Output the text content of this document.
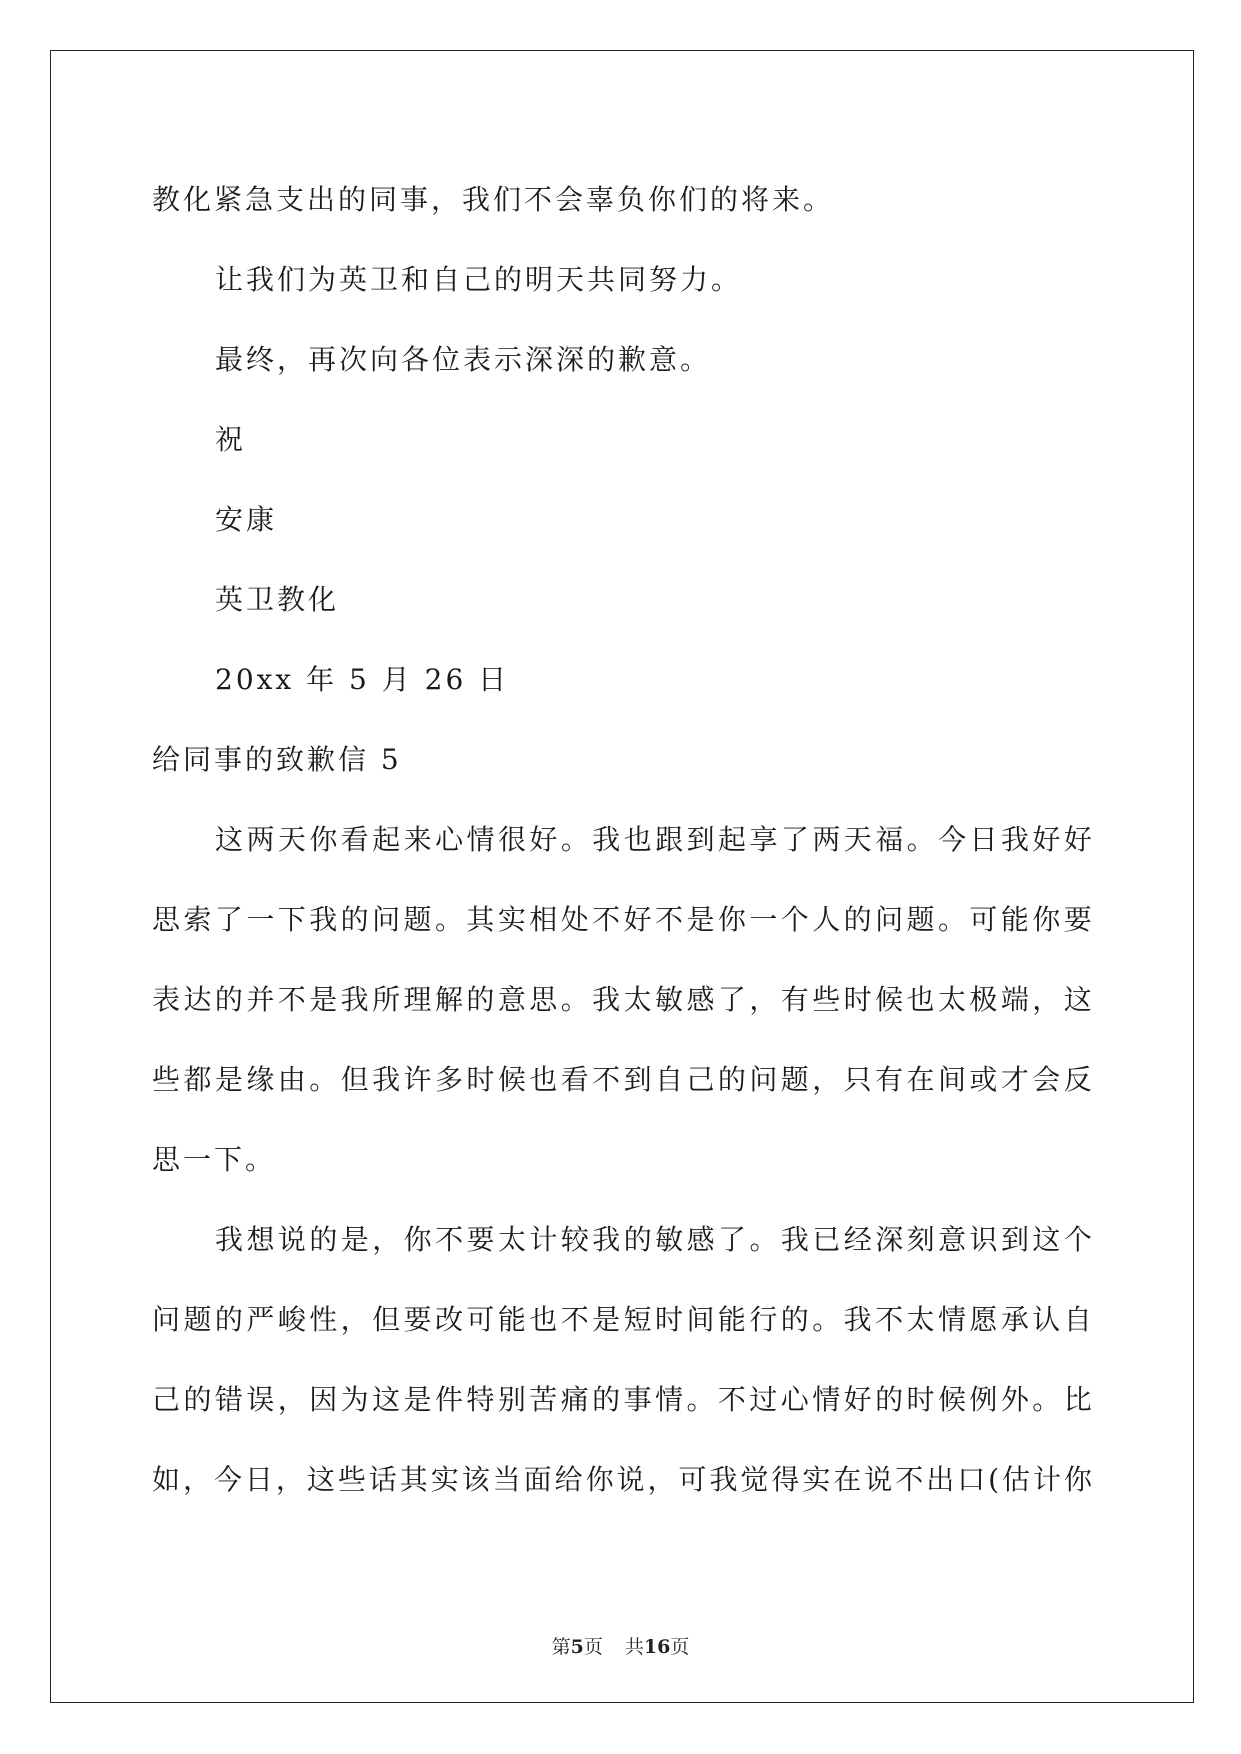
教化紧急支出的同事，我们不会辜负你们的将来。
让我们为英卫和自己的明天共同努力。
最终，再次向各位表示深深的歉意。
祝
安康
英卫教化
20xx 年 5 月 26 日
给同事的致歉信 5
这 两 天 你 看 起 来 心 情 很 好 。 我 也 跟 到 起 享 了 两 天 福 。 今 日 我 好 好
思 索 了 一 下 我 的 问 题 。 其 实 相 处 不 好 不 是 你 一 个 人 的 问 题 。 可 能 你 要
表 达 的 并 不 是 我 所 理 解 的 意 思 。 我 太 敏 感 了 ， 有 些 时 候 也 太 极 端 ， 这
些 都 是 缘 由 。 但 我 许 多 时 候 也 看 不 到 自 己 的 问 题 ， 只 有 在 间 或 才 会 反
思一下。
我 想 说 的 是 ， 你 不 要 太 计 较 我 的 敏 感 了 。 我 已 经 深 刻 意 识 到 这 个
问 题 的 严 峻 性 ， 但 要 改 可 能 也 不 是 短 时 间 能 行 的 。 我 不 太 情 愿 承 认 自
己 的 错 误 ， 因 为 这 是 件 特 别 苦 痛 的 事 情 。 不 过 心 情 好 的 时 候 例 外 。 比
如 ， 今 日 ， 这 些 话 其 实 该 当 面 给 你 说 ， 可 我 觉 得 实 在 说 不 出 口 ( 估 计 你
第5页 共16页
